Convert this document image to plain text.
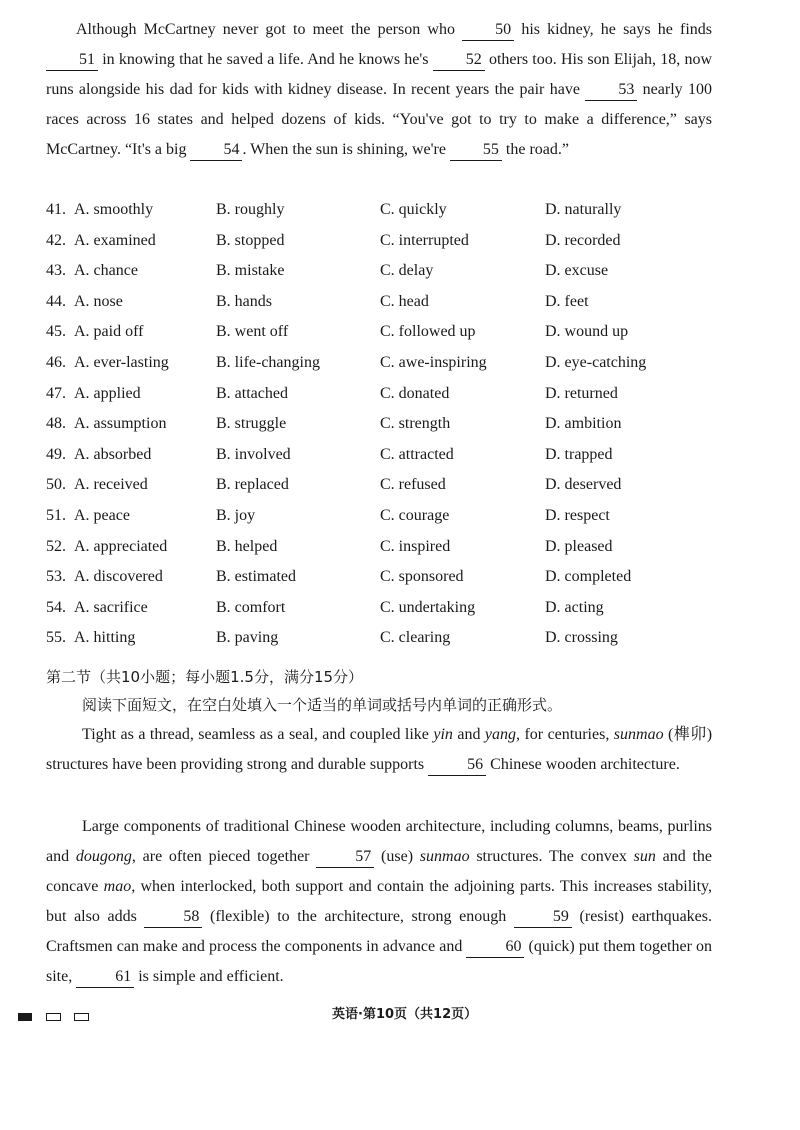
Although McCartney never got to meet the person who	50 his kidney, he says he finds 51 in knowing that he saved a life. And he knows he's 52 others too. His son Elijah, 18, now runs alongside his dad for kids with kidney disease. In recent years the pair have 53 nearly 100 races across 16 states and helped dozens of kids. “You've got to try to make a difference,” says McCartney. “It's a big 54 . When the sun is shining, we're 55 the road.”

41. A. smoothly	B. roughly	C. quickly	D. naturally
42. A. examined	B. stopped	C. interrupted	D. recorded
43. A. chance	B. mistake	C. delay	D. excuse
44. A. nose	B. hands	C. head	D. feet
45. A. paid off	B. went off	C. followed up	D. wound up
46. A. ever-lasting	B. life-changing	C. awe-inspiring	D. eye-catching
47. A. applied	B. attached	C. donated	D. returned
48. A. assumption	B. struggle	C. strength	D. ambition
49. A. absorbed	B. involved	C. attracted	D. trapped
50. A. received	B. replaced	C. refused	D. deserved
51. A. peace	B. joy	C. courage	D. respect
52. A. appreciated	B. helped	C. inspired	D. pleased
53. A. discovered	B. estimated	C. sponsored	D. completed
54. A. sacrifice	B. comfort	C. undertaking	D. acting
55. A. hitting	B. paving	C. clearing	D. crossing
第二节（共10小题；每小题1.5分，满分15分）
阅读下面短文，在空白处填入一个适当的单词或括号内单词的正确形式。

Tight as a thread, seamless as a seal, and coupled like yin and yang, for centuries, sunmao (榫卯) structures have been providing strong and durable supports	56 Chinese wooden architecture.

Large components of traditional Chinese wooden architecture, including columns, beams, purlins and dougong, are often pieced together	57 (use) sunmao structures. The convex sun and the concave mao, when interlocked, both support and contain the adjoining parts. This increases stability, but also adds	58 (flexible) to the architecture, strong enough	59 (resist) earthquakes. Craftsmen can make and process the components in advance and	60 (quick) put them together on site,	61 is simple and efficient.

英语·第10页（共12页）
